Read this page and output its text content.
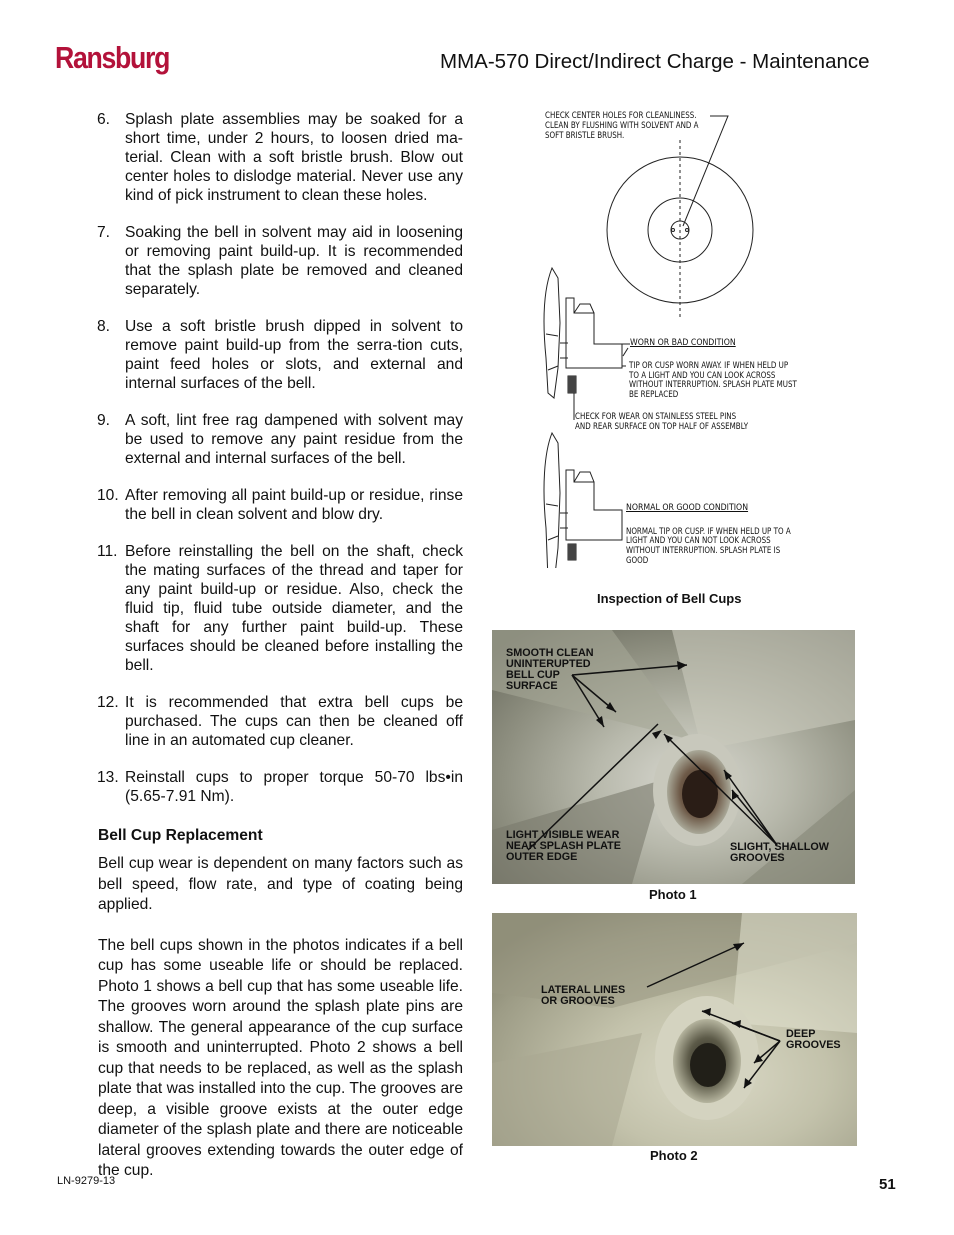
Ransburg	MMA-570 Direct/Indirect Charge - Maintenance
6. Splash plate assemblies may be soaked for a short time, under 2 hours, to loosen dried ma-terial. Clean with a soft bristle brush. Blow out center holes to dislodge material. Never use any kind of pick instrument to clean these holes.
7. Soaking the bell in solvent may aid in loosening or removing paint build-up. It is recommended that the splash plate be removed and cleaned separately.
8. Use a soft bristle brush dipped in solvent to remove paint build-up from the serra-tion cuts, paint feed holes or slots, and external and internal surfaces of the bell.
9. A soft, lint free rag dampened with solvent may be used to remove any paint residue from the external and internal surfaces of the bell.
10. After removing all paint build-up or residue, rinse the bell in clean solvent and blow dry.
11. Before reinstalling the bell on the shaft, check the mating surfaces of the thread and taper for any paint build-up or residue. Also, check the fluid tip, fluid tube outside diameter, and the shaft for any further paint build-up. These surfaces should be cleaned before installing the bell.
12. It is recommended that extra bell cups be purchased. The cups can then be cleaned off line in an automated cup cleaner.
13. Reinstall cups to proper torque 50-70 lbs•in (5.65-7.91 Nm).
Bell Cup Replacement
Bell cup wear is dependent on many factors such as bell speed, flow rate, and type of coating being applied.
The bell cups shown in the photos indicates if a bell cup has some useable life or should be replaced. Photo 1 shows a bell cup that has some useable life. The grooves worn around the splash plate pins are shallow. The general appearance of the cup surface is smooth and uninterrupted. Photo 2 shows a bell cup that needs to be replaced, as well as the splash plate that was installed into the cup. The grooves are deep, a visible groove exists at the outer edge diameter of the splash plate and there are noticeable lateral grooves extending towards the outer edge of the cup.
CHECK CENTER HOLES FOR CLEANLINESS.
CLEAN BY FLUSHING WITH SOLVENT AND A
SOFT BRISTLE BRUSH.
WORN OR BAD CONDITION
TIP OR CUSP WORN AWAY. IF WHEN HELD UP
TO A LIGHT AND YOU CAN LOOK ACROSS
WITHOUT INTERRUPTION. SPLASH PLATE MUST
BE REPLACED
CHECK FOR WEAR ON STAINLESS STEEL PINS
AND REAR SURFACE ON TOP HALF OF ASSEMBLY
NORMAL OR GOOD CONDITION
NORMAL TIP OR CUSP. IF WHEN HELD UP TO A
LIGHT AND YOU CAN NOT LOOK ACROSS
WITHOUT INTERRUPTION. SPLASH PLATE IS
GOOD
Inspection of Bell Cups
SMOOTH CLEAN
UNINTERUPTED
BELL CUP
SURFACE
LIGHT VISIBLE WEAR
NEAR SPLASH PLATE
OUTER EDGE
SLIGHT, SHALLOW
GROOVES
Photo 1
LATERAL LINES
OR GROOVES
DEEP
GROOVES
Photo 2
LN-9279-13	51
